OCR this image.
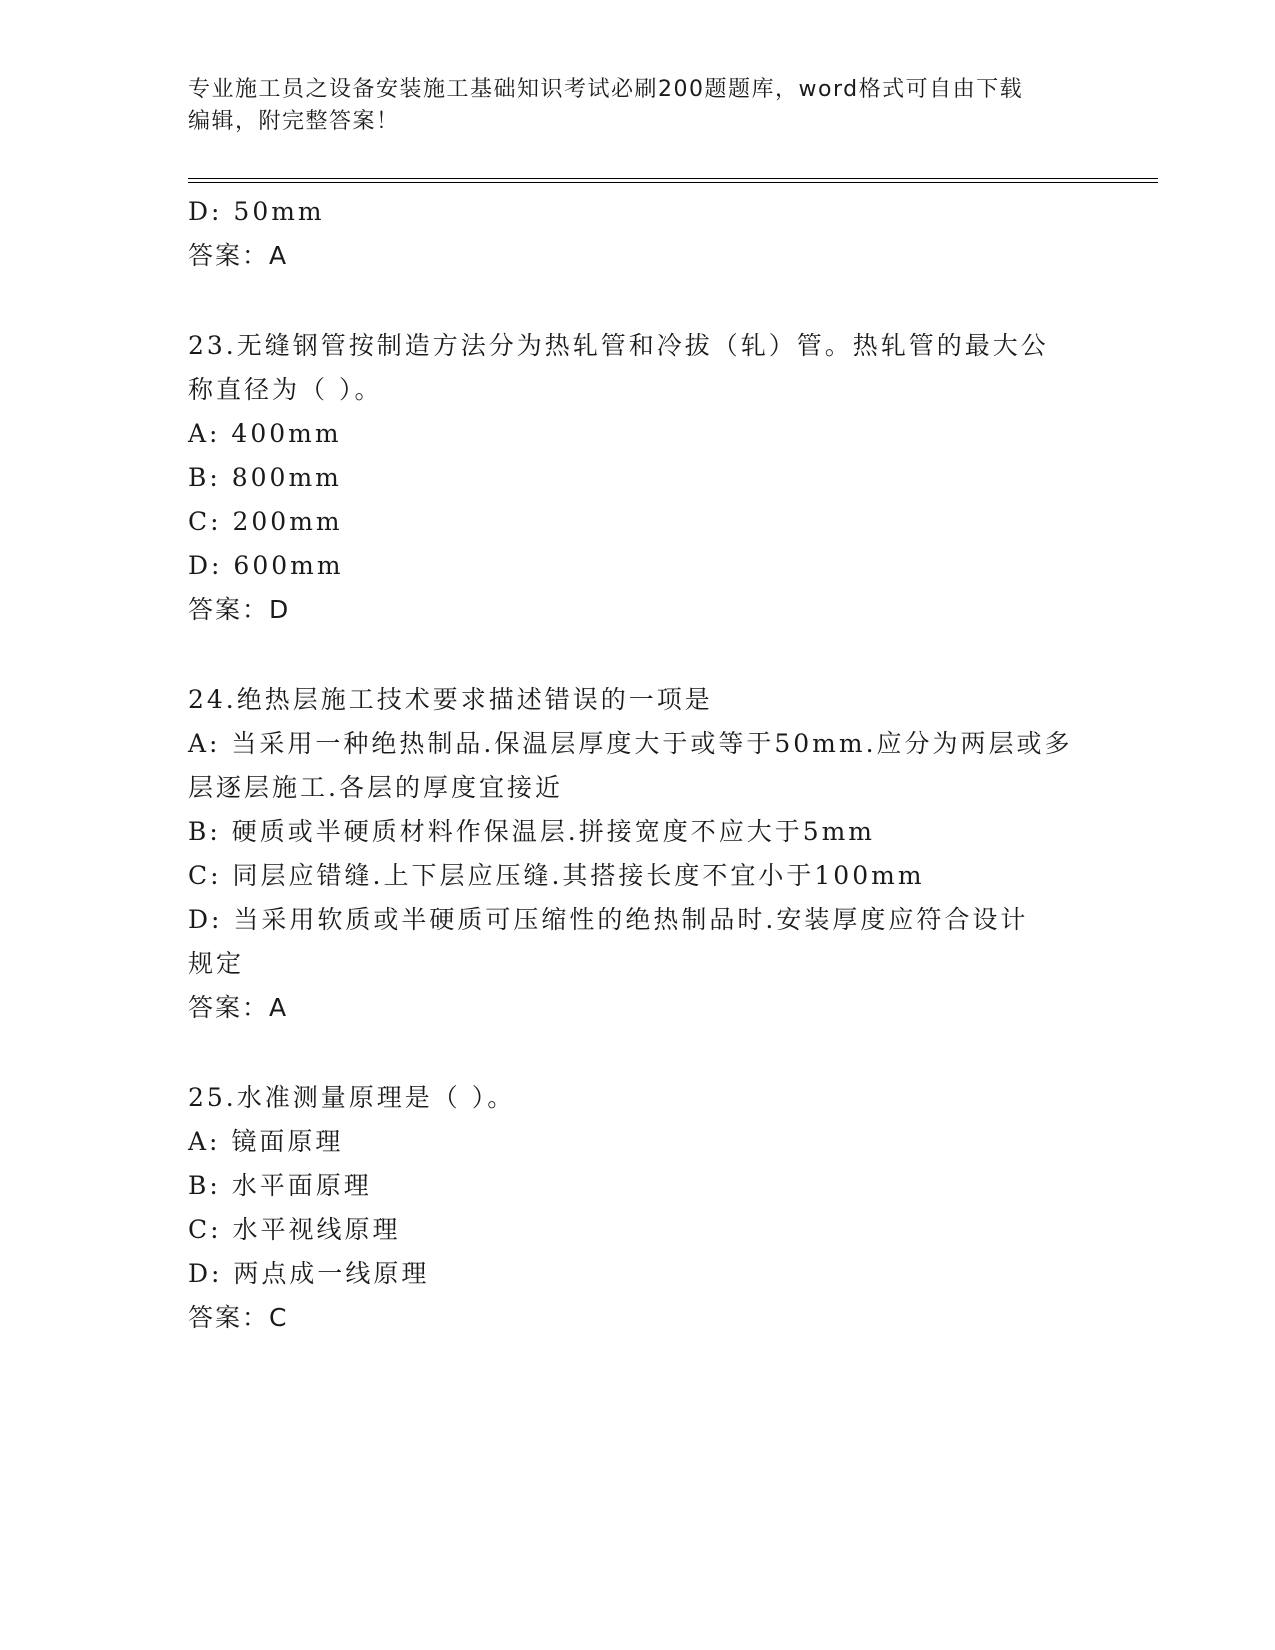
专业施工员之设备安装施工基础知识考试必刷200题题库，word格式可自由下载
编辑，附完整答案！
D: 50mm
答案：A
23.无缝钢管按制造方法分为热轧管和冷拔（轧）管。热轧管的最大公
称直径为（ ）。
A: 400mm
B: 800mm
C: 200mm
D: 600mm
答案：D
24.绝热层施工技术要求描述错误的一项是
A: 当采用一种绝热制品.保温层厚度大于或等于50mm.应分为两层或多
层逐层施工.各层的厚度宜接近
B: 硬质或半硬质材料作保温层.拼接宽度不应大于5mm
C: 同层应错缝.上下层应压缝.其搭接长度不宜小于100mm
D: 当采用软质或半硬质可压缩性的绝热制品时.安装厚度应符合设计
规定
答案：A
25.水准测量原理是（ ）。
A: 镜面原理
B: 水平面原理
C: 水平视线原理
D: 两点成一线原理
答案：C
